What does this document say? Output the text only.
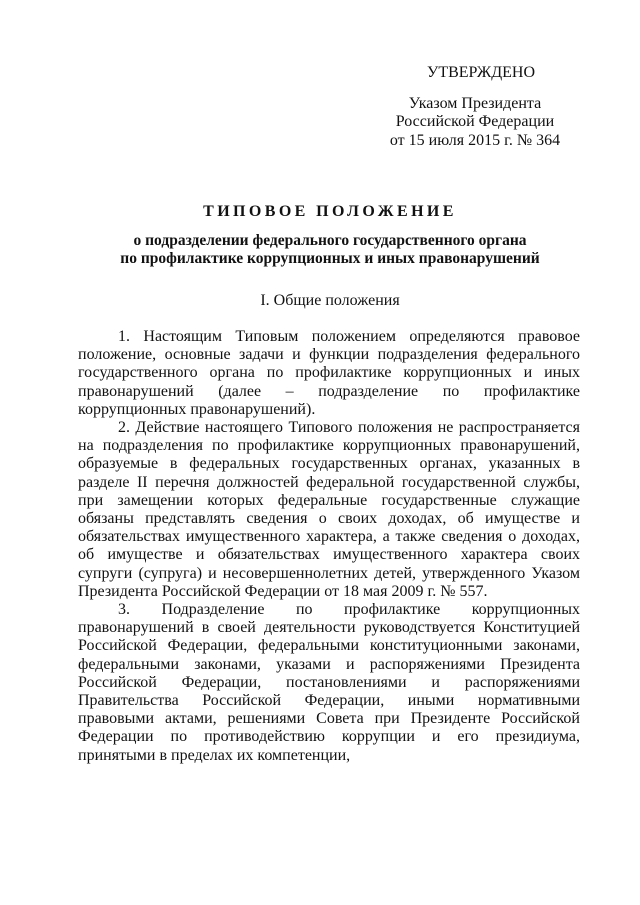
УТВЕРЖДЕНО
Указом Президента
Российской Федерации
от 15 июля 2015 г. № 364
ТИПОВОЕ ПОЛОЖЕНИЕ
о подразделении федерального государственного органа
по профилактике коррупционных и иных правонарушений
I. Общие положения

1. Настоящим Типовым положением определяются правовое положение, основные задачи и функции подразделения федерального государственного органа по профилактике коррупционных и иных правонарушений (далее – подразделение по профилактике коррупционных правонарушений).

2. Действие настоящего Типового положения не распространяется на подразделения по профилактике коррупционных правонарушений, образуемые в федеральных государственных органах, указанных в разделе II перечня должностей федеральной государственной службы, при замещении которых федеральные государственные служащие обязаны представлять сведения о своих доходах, об имуществе и обязательствах имущественного характера, а также сведения о доходах, об имуществе и обязательствах имущественного характера своих супруги (супруга) и несовершеннолетних детей, утвержденного Указом Президента Российской Федерации от 18 мая 2009 г. № 557.

3. Подразделение по профилактике коррупционных правонарушений в своей деятельности руководствуется Конституцией Российской Федерации, федеральными конституционными законами, федеральными законами, указами и распоряжениями Президента Российской Федерации, постановлениями и распоряжениями Правительства Российской Федерации, иными нормативными правовыми актами, решениями Совета при Президенте Российской Федерации по противодействию коррупции и его президиума, принятыми в пределах их компетенции,
